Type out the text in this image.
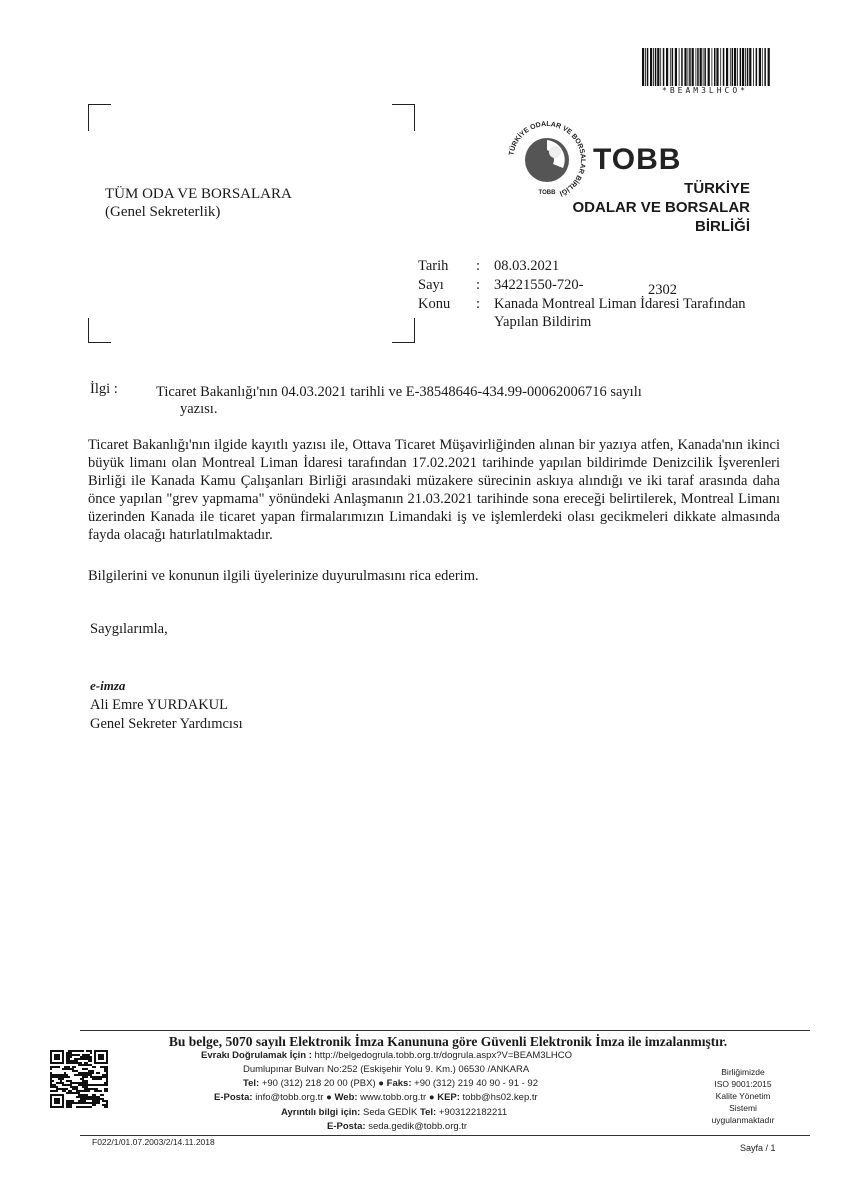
*BEAM3LHCO*
TÜRKİYE ODALAR VE BORSALAR BİRLİĞİ
TOBB
TOBB
TÜRKİYE
ODALAR VE BORSALAR
BİRLİĞİ
TÜM ODA VE BORSALARA
(Genel Sekreterlik)
Tarih : 08.03.2021
Sayı : 34221550-720-	2302
Konu : Kanada Montreal Liman İdaresi Tarafından
Yapılan Bildirim
İlgi :	Ticaret Bakanlığı'nın 04.03.2021 tarihli ve E-38548646-434.99-00062006716 sayılı
yazısı.
Ticaret Bakanlığı'nın ilgide kayıtlı yazısı ile, Ottava Ticaret Müşavirliğinden alınan bir yazıya atfen, Kanada'nın ikinci büyük limanı olan Montreal Liman İdaresi tarafından 17.02.2021 tarihinde yapılan bildirimde Denizcilik İşverenleri Birliği ile Kanada Kamu Çalışanları Birliği arasındaki müzakere sürecinin askıya alındığı ve iki taraf arasında daha önce yapılan "grev yapmama" yönündeki Anlaşmanın 21.03.2021 tarihinde sona ereceği belirtilerek, Montreal Limanı üzerinden Kanada ile ticaret yapan firmalarımızın Limandaki iş ve işlemlerdeki olası gecikmeleri dikkate almasında fayda olacağı hatırlatılmaktadır.
Bilgilerini ve konunun ilgili üyelerinize duyurulmasını rica ederim.
Saygılarımla,
e-imza
Ali Emre YURDAKUL
Genel Sekreter Yardımcısı
Bu belge, 5070 sayılı Elektronik İmza Kanununa göre Güvenli Elektronik İmza ile imzalanmıştır.
Evrakı Doğrulamak İçin : http://belgedogrula.tobb.org.tr/dogrula.aspx?V=BEAM3LHCO
Dumlupınar Bulvarı No:252 (Eskişehir Yolu 9. Km.) 06530 /ANKARA
Tel: +90 (312) 218 20 00 (PBX) ● Faks: +90 (312) 219 40 90 - 91 - 92
E-Posta: info@tobb.org.tr ● Web: www.tobb.org.tr ● KEP: tobb@hs02.kep.tr
Ayrıntılı bilgi için: Seda GEDİK Tel: +903122182211
E-Posta: seda.gedik@tobb.org.tr
Birliğimizde
ISO 9001:2015
Kalite Yönetim
Sistemi
uygulanmaktadır
F022/1/01.07.2003/2/14.11.2018
Sayfa / 1
